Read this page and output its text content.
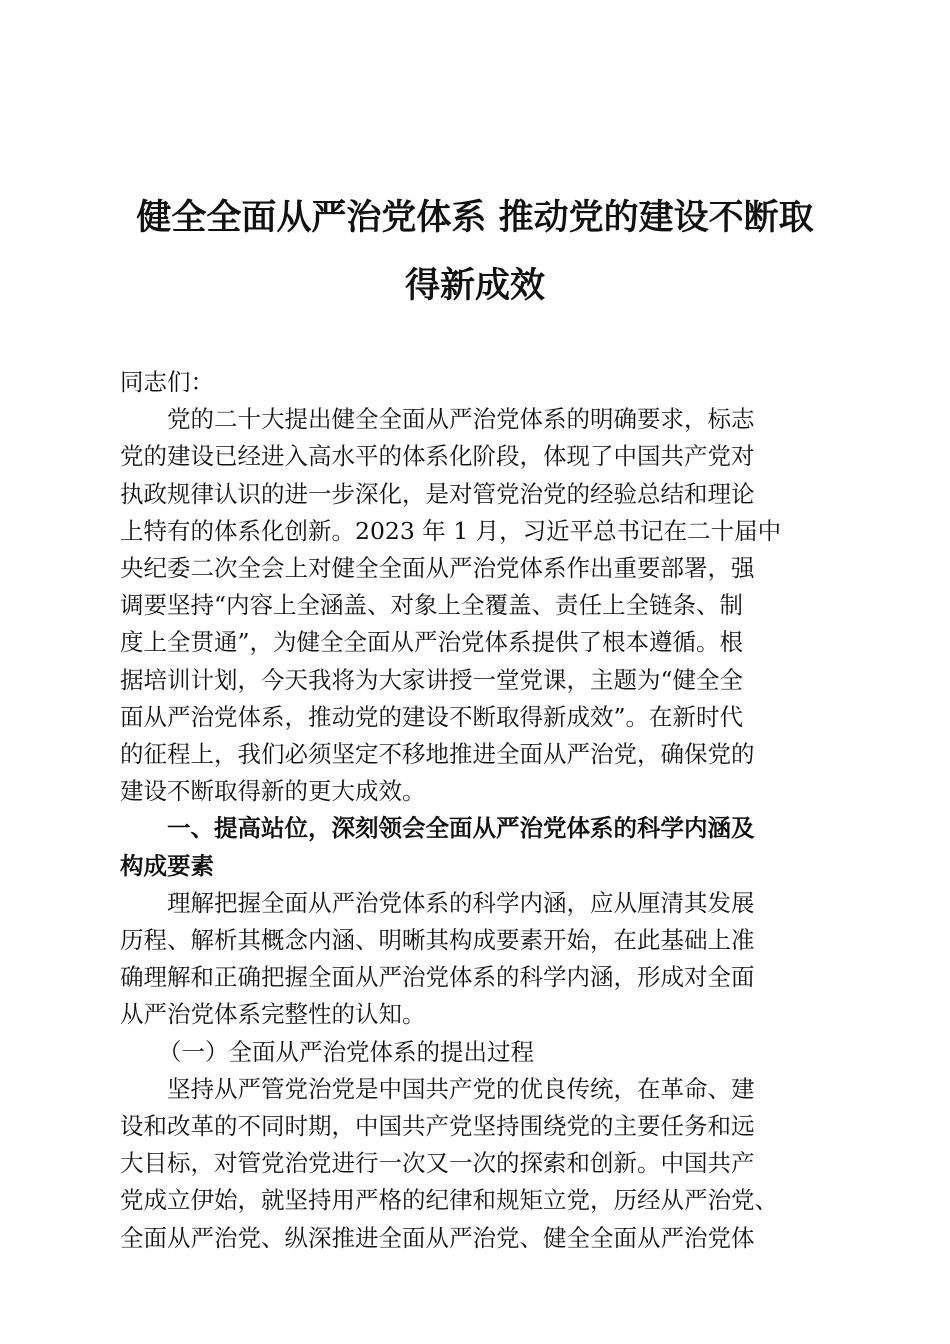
健全全面从严治党体系 推动党的建设不断取
得新成效

同志们：

党的二十大提出健全全面从严治党体系的明确要求，标志
党的建设已经进入高水平的体系化阶段，体现了中国共产党对
执政规律认识的进一步深化，是对管党治党的经验总结和理论
上特有的体系化创新。2023 年 1 月，习近平总书记在二十届中
央纪委二次全会上对健全全面从严治党体系作出重要部署，强
调要坚持“内容上全涵盖、对象上全覆盖、责任上全链条、制
度上全贯通”，为健全全面从严治党体系提供了根本遵循。根
据培训计划，今天我将为大家讲授一堂党课，主题为“健全全
面从严治党体系，推动党的建设不断取得新成效”。在新时代
的征程上，我们必须坚定不移地推进全面从严治党，确保党的
建设不断取得新的更大成效。

一、提高站位，深刻领会全面从严治党体系的科学内涵及
构成要素

理解把握全面从严治党体系的科学内涵，应从厘清其发展
历程、解析其概念内涵、明晰其构成要素开始，在此基础上准
确理解和正确把握全面从严治党体系的科学内涵，形成对全面
从严治党体系完整性的认知。

（一）全面从严治党体系的提出过程

坚持从严管党治党是中国共产党的优良传统，在革命、建
设和改革的不同时期，中国共产党坚持围绕党的主要任务和远
大目标，对管党治党进行一次又一次的探索和创新。中国共产
党成立伊始，就坚持用严格的纪律和规矩立党，历经从严治党、
全面从严治党、纵深推进全面从严治党、健全全面从严治党体
